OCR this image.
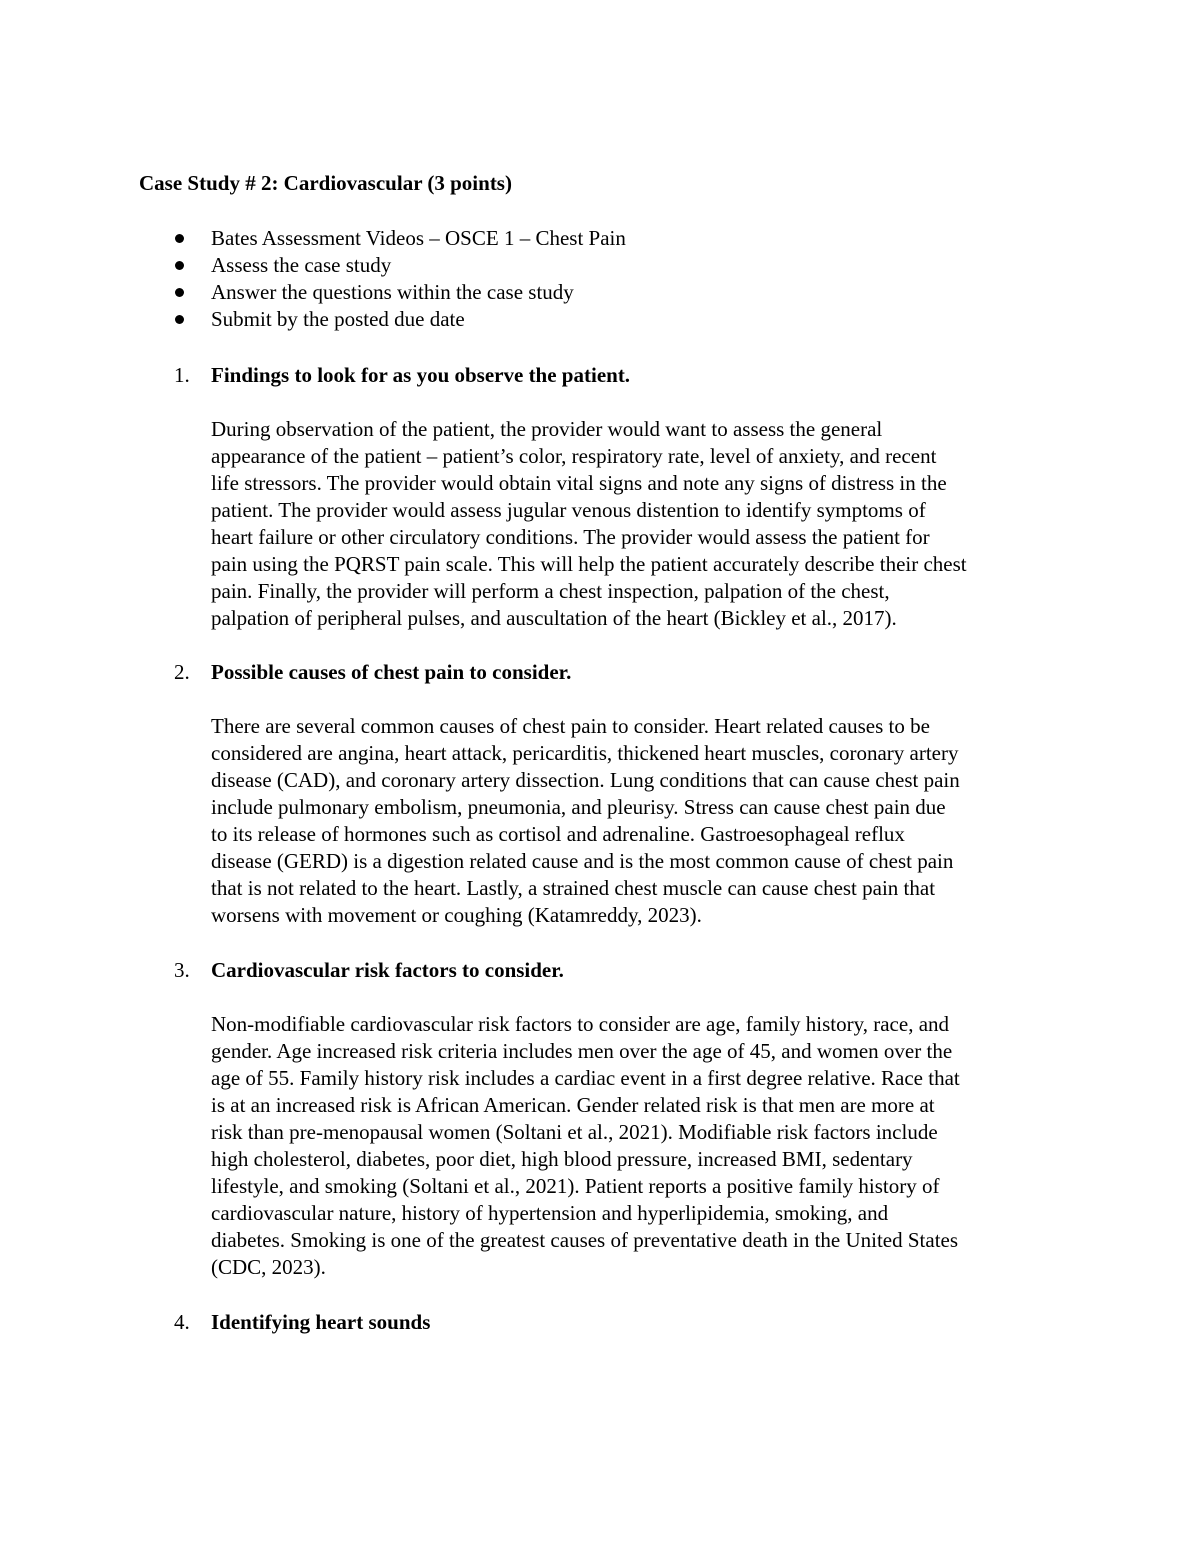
Case Study # 2: Cardiovascular (3 points)
Bates Assessment Videos – OSCE 1 – Chest Pain
Assess the case study
Answer the questions within the case study
Submit by the posted due date
1. Findings to look for as you observe the patient.
During observation of the patient, the provider would want to assess the general
appearance of the patient – patient’s color, respiratory rate, level of anxiety, and recent
life stressors. The provider would obtain vital signs and note any signs of distress in the
patient. The provider would assess jugular venous distention to identify symptoms of
heart failure or other circulatory conditions. The provider would assess the patient for
pain using the PQRST pain scale. This will help the patient accurately describe their chest
pain. Finally, the provider will perform a chest inspection, palpation of the chest,
palpation of peripheral pulses, and auscultation of the heart (Bickley et al., 2017).
2. Possible causes of chest pain to consider.
There are several common causes of chest pain to consider. Heart related causes to be
considered are angina, heart attack, pericarditis, thickened heart muscles, coronary artery
disease (CAD), and coronary artery dissection. Lung conditions that can cause chest pain
include pulmonary embolism, pneumonia, and pleurisy. Stress can cause chest pain due
to its release of hormones such as cortisol and adrenaline. Gastroesophageal reflux
disease (GERD) is a digestion related cause and is the most common cause of chest pain
that is not related to the heart. Lastly, a strained chest muscle can cause chest pain that
worsens with movement or coughing (Katamreddy, 2023).
3. Cardiovascular risk factors to consider.
Non-modifiable cardiovascular risk factors to consider are age, family history, race, and
gender. Age increased risk criteria includes men over the age of 45, and women over the
age of 55. Family history risk includes a cardiac event in a first degree relative. Race that
is at an increased risk is African American. Gender related risk is that men are more at
risk than pre-menopausal women (Soltani et al., 2021). Modifiable risk factors include
high cholesterol, diabetes, poor diet, high blood pressure, increased BMI, sedentary
lifestyle, and smoking (Soltani et al., 2021). Patient reports a positive family history of
cardiovascular nature, history of hypertension and hyperlipidemia, smoking, and
diabetes. Smoking is one of the greatest causes of preventative death in the United States
(CDC, 2023).
4. Identifying heart sounds
